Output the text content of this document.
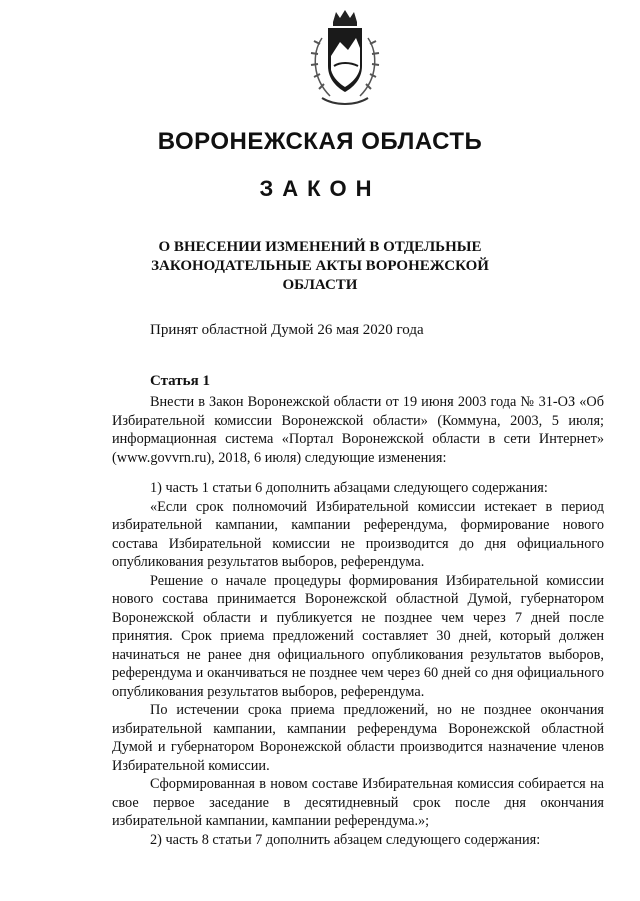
ВОРОНЕЖСКАЯ ОБЛАСТЬ
ЗАКОН
О ВНЕСЕНИИ ИЗМЕНЕНИЙ В ОТДЕЛЬНЫЕ ЗАКОНОДАТЕЛЬНЫЕ АКТЫ ВОРОНЕЖСКОЙ ОБЛАСТИ
Принят областной Думой 26 мая 2020 года
Статья 1

Внести в Закон Воронежской области от 19 июня 2003 года № 31-ОЗ «Об Избирательной комиссии Воронежской области» (Коммуна, 2003, 5 июля; информационная система «Портал Воронежской области в сети Интернет» (www.govvrn.ru), 2018, 6 июля) следующие изменения:

1) часть 1 статьи 6 дополнить абзацами следующего содержания:

«Если срок полномочий Избирательной комиссии истекает в период избирательной кампании, кампании референдума, формирование нового состава Избирательной комиссии не производится до дня официального опубликования результатов выборов, референдума.

Решение о начале процедуры формирования Избирательной комиссии нового состава принимается Воронежской областной Думой, губернатором Воронежской области и публикуется не позднее чем через 7 дней после принятия. Срок приема предложений составляет 30 дней, который должен начинаться не ранее дня официального опубликования результатов выборов, референдума и оканчиваться не позднее чем через 60 дней со дня официального опубликования результатов выборов, референдума.

По истечении срока приема предложений, но не позднее окончания избирательной кампании, кампании референдума Воронежской областной Думой и губернатором Воронежской области производится назначение членов Избирательной комиссии.

Сформированная в новом составе Избирательная комиссия собирается на свое первое заседание в десятидневный срок после дня окончания избирательной кампании, кампании референдума.»;

2) часть 8 статьи 7 дополнить абзацем следующего содержания:
